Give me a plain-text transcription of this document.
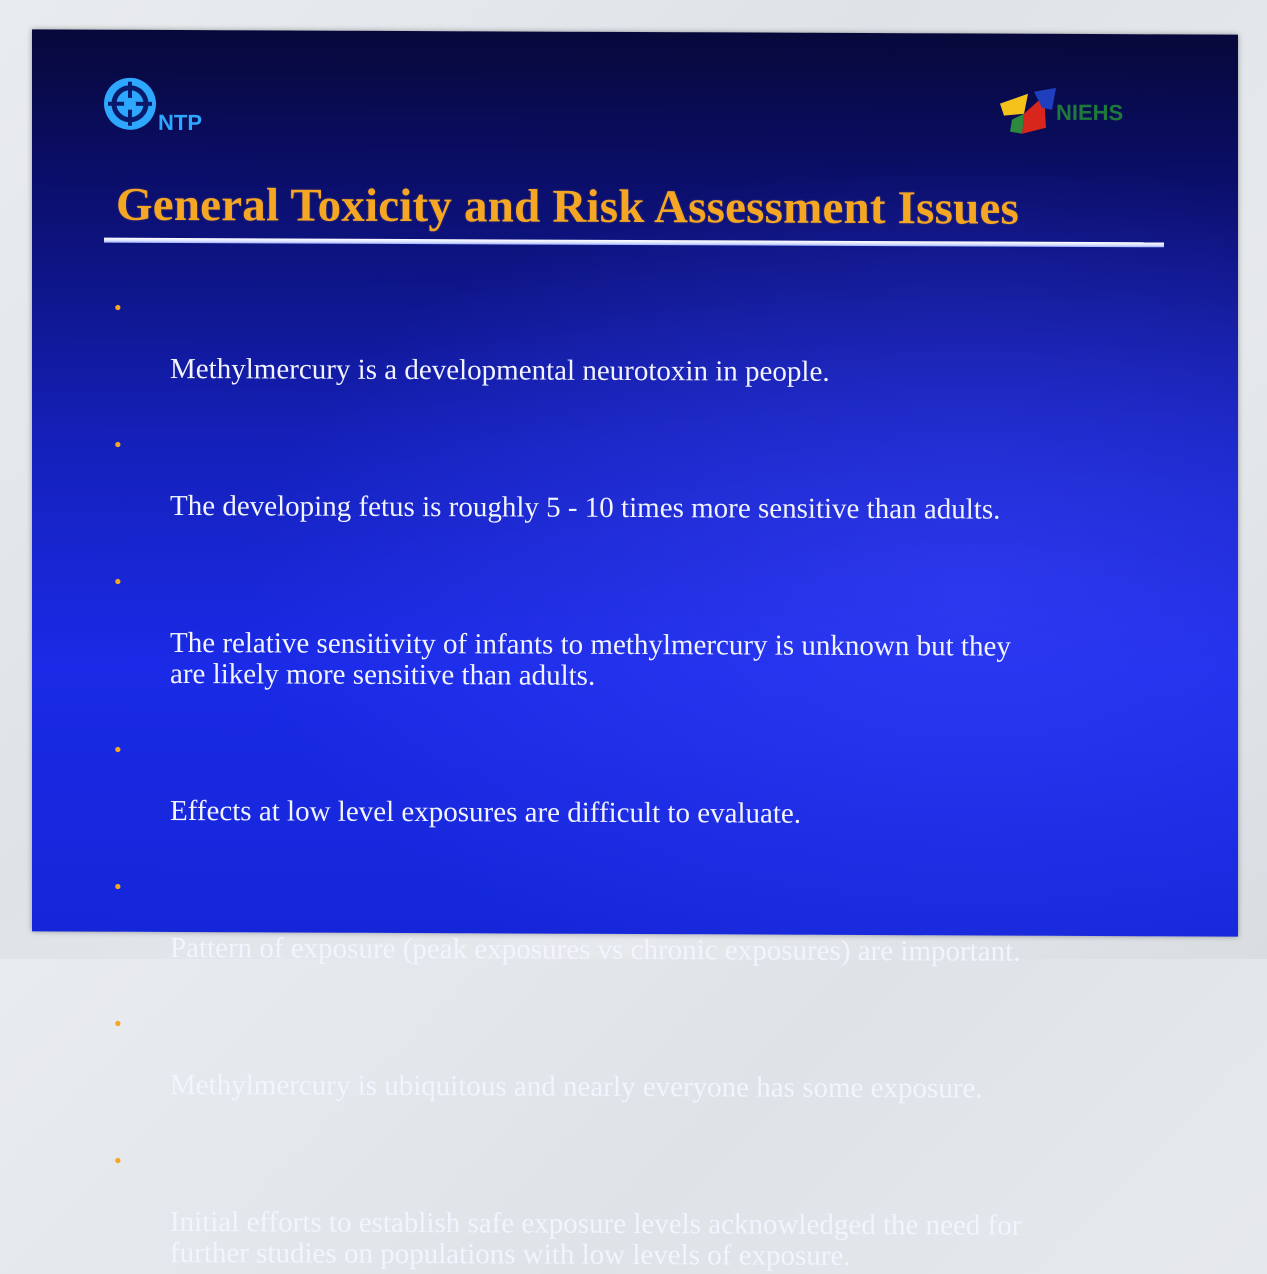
NTP	NIEHS
General Toxicity and Risk Assessment Issues

•

Methylmercury is a developmental neurotoxin in people.

•

The developing fetus is roughly 5 - 10 times more sensitive than adults.

•

The relative sensitivity of infants to methylmercury is unknown but they
are likely more sensitive than adults.

•

Effects at low level exposures are difficult to evaluate.

•

Pattern of exposure (peak exposures vs chronic exposures) are important.

•

Methylmercury is ubiquitous and nearly everyone has some exposure.

•

Initial efforts to establish safe exposure levels acknowledged the need for
further studies on populations with low levels of exposure.
